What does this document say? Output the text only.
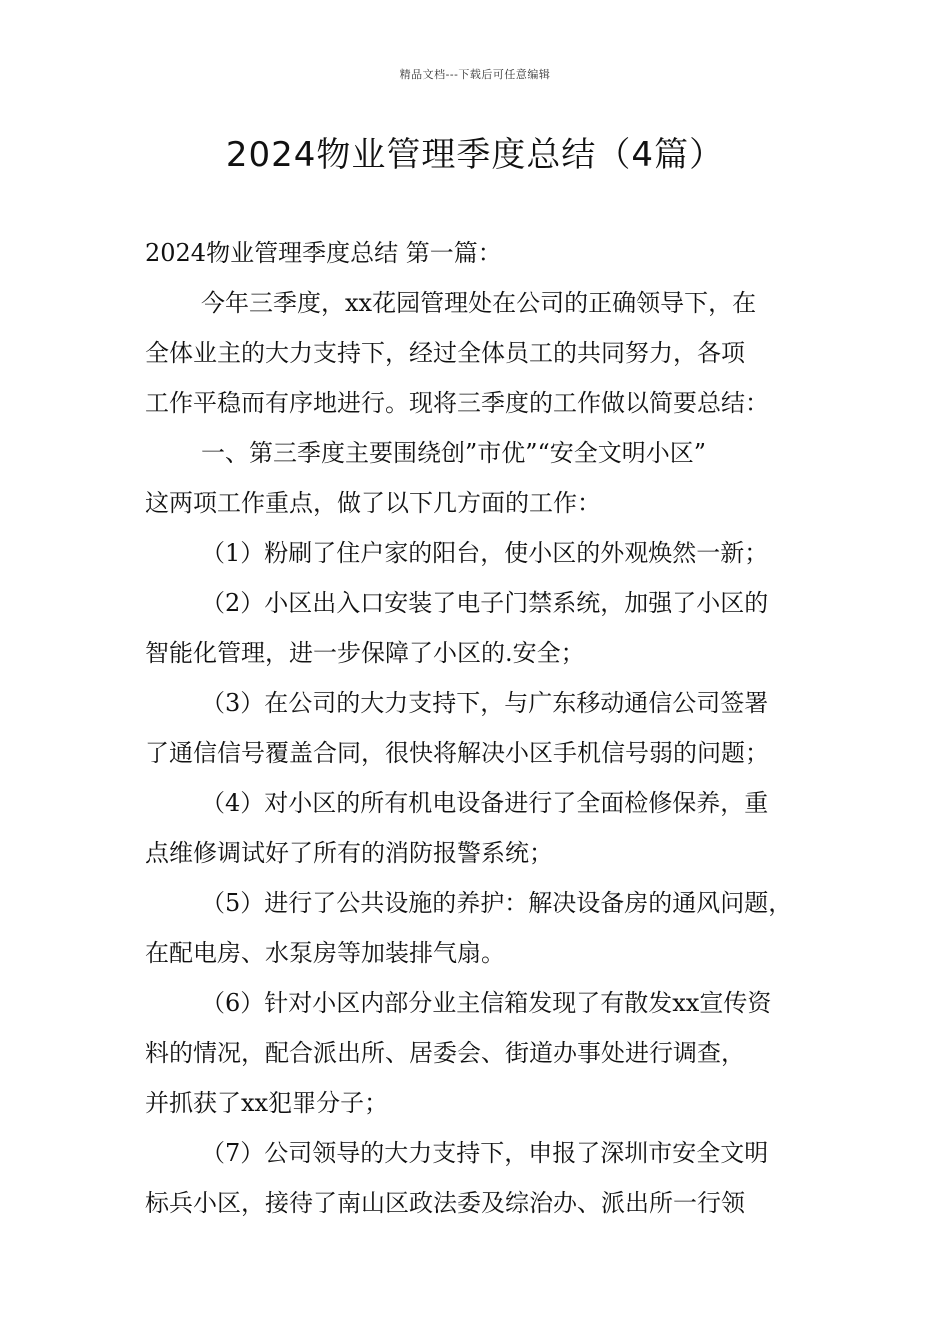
精品文档---下载后可任意编辑
2024物业管理季度总结（4篇）

2024物业管理季度总结 第一篇：

今年三季度，xx花园管理处在公司的正确领导下，在

全体业主的大力支持下，经过全体员工的共同努力，各项

工作平稳而有序地进行。现将三季度的工作做以简要总结：

一、第三季度主要围绕创”市优”“安全文明小区”

这两项工作重点，做了以下几方面的工作：

（1）粉刷了住户家的阳台，使小区的外观焕然一新；

（2）小区出入口安装了电子门禁系统，加强了小区的

智能化管理，进一步保障了小区的.安全；

（3）在公司的大力支持下，与广东移动通信公司签署

了通信信号覆盖合同，很快将解决小区手机信号弱的问题；

（4）对小区的所有机电设备进行了全面检修保养，重

点维修调试好了所有的消防报警系统；

（5）进行了公共设施的养护：解决设备房的通风问题，

在配电房、水泵房等加装排气扇。

（6）针对小区内部分业主信箱发现了有散发xx宣传资

料的情况，配合派出所、居委会、街道办事处进行调查，

并抓获了xx犯罪分子；

（7）公司领导的大力支持下，申报了深圳市安全文明

标兵小区，接待了南山区政法委及综治办、派出所一行领
